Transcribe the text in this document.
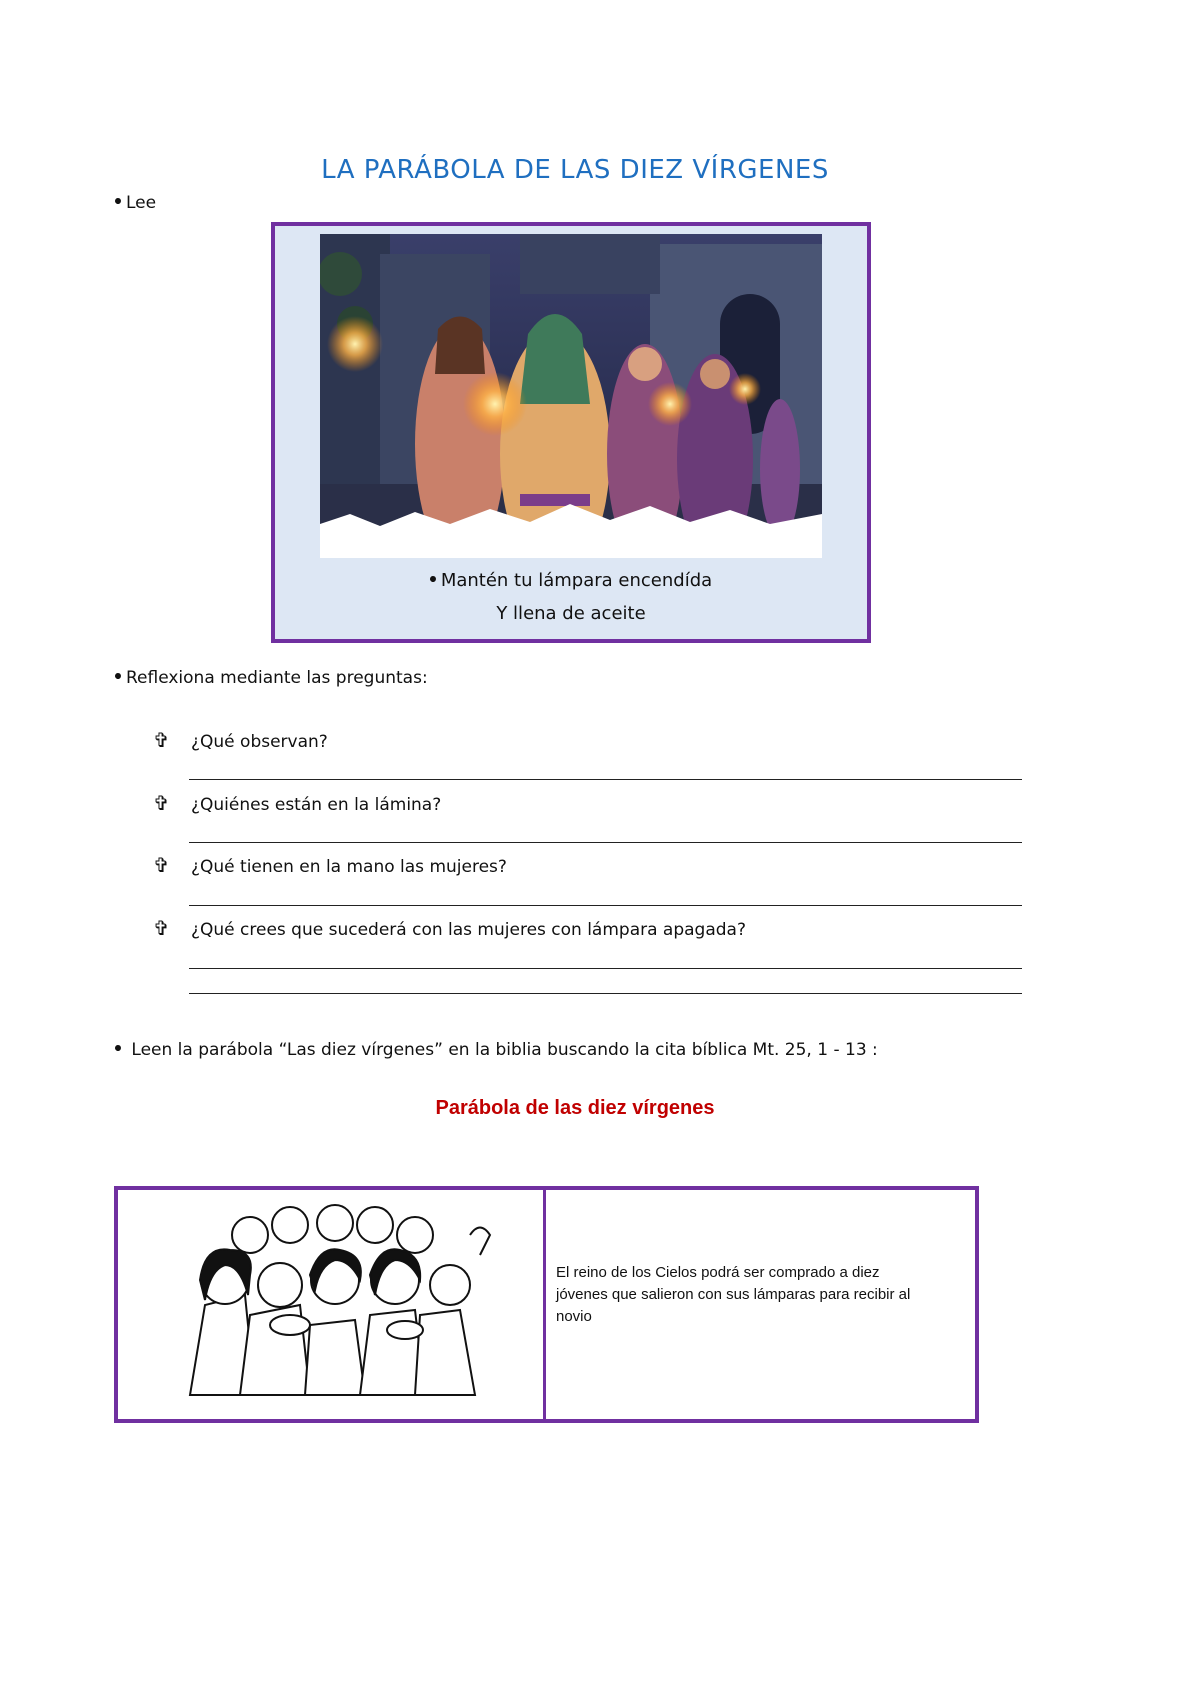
LA PARÁBOLA DE LAS DIEZ VÍRGENES
Lee
Mantén tu lámpara encendída
Y llena de aceite
Reflexiona mediante las preguntas:
✞ ¿Qué observan?
✞ ¿Quiénes están en la lámina?
✞ ¿Qué tienen en la mano las mujeres?
✞ ¿Qué crees que sucederá con las mujeres con lámpara apagada?
Leen la parábola “Las diez vírgenes” en la biblia buscando la cita bíblica Mt. 25, 1 - 13 :
Parábola de las diez vírgenes
El reino de los Cielos podrá ser comprado a diez jóvenes que salieron con sus lámparas para recibir al novio
